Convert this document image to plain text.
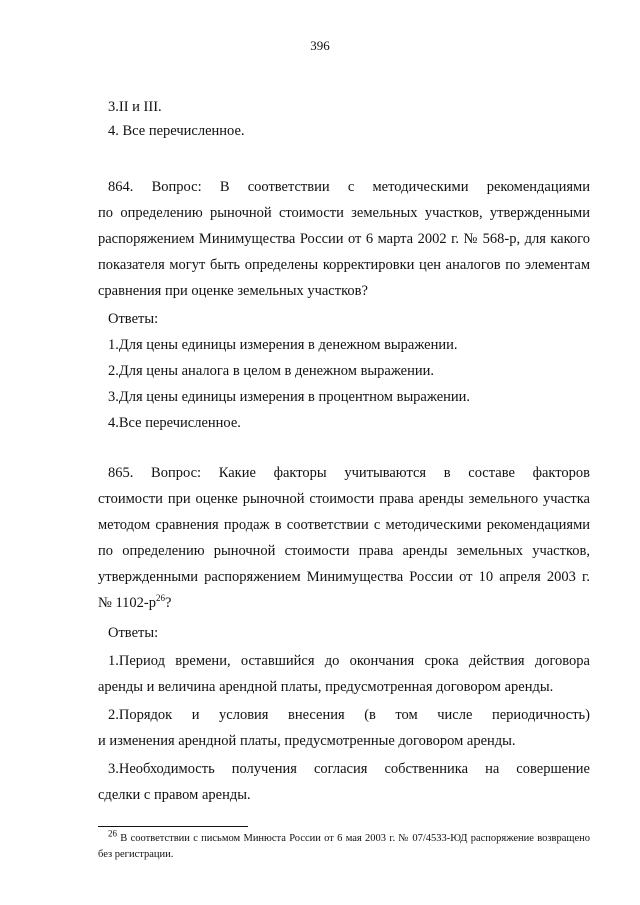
396
3.II и III.
4. Все перечисленное.
864. Вопрос: В соответствии с методическими рекомендациями
по определению рыночной стоимости земельных участков, утвержденными
распоряжением Минимущества России от 6 марта 2002 г. № 568-р, для какого
показателя могут быть определены корректировки цен аналогов по элементам
сравнения при оценке земельных участков?
Ответы:
1.Для цены единицы измерения в денежном выражении.
2.Для цены аналога в целом в денежном выражении.
3.Для цены единицы измерения в процентном выражении.
4.Все перечисленное.
865. Вопрос: Какие факторы учитываются в составе факторов
стоимости при оценке рыночной стоимости права аренды земельного участка
методом сравнения продаж в соответствии с методическими рекомендациями
по определению рыночной стоимости права аренды земельных участков,
утвержденными распоряжением Минимущества России от 10 апреля 2003 г.
№ $1102-р^{26}$?
Ответы:
1.Период времени, оставшийся до окончания срока действия договора
аренды и величина арендной платы, предусмотренная договором аренды.
2.Порядок и условия внесения (в том числе периодичность)
и изменения арендной платы, предусмотренные договором аренды.
3.Необходимость получения согласия собственника на совершение
сделки с правом аренды.
$^{26}$ В соответствии с письмом Минюста России от 6 мая 2003 г. № 07/4533-ЮД распоряжение возвращено
без регистрации.
